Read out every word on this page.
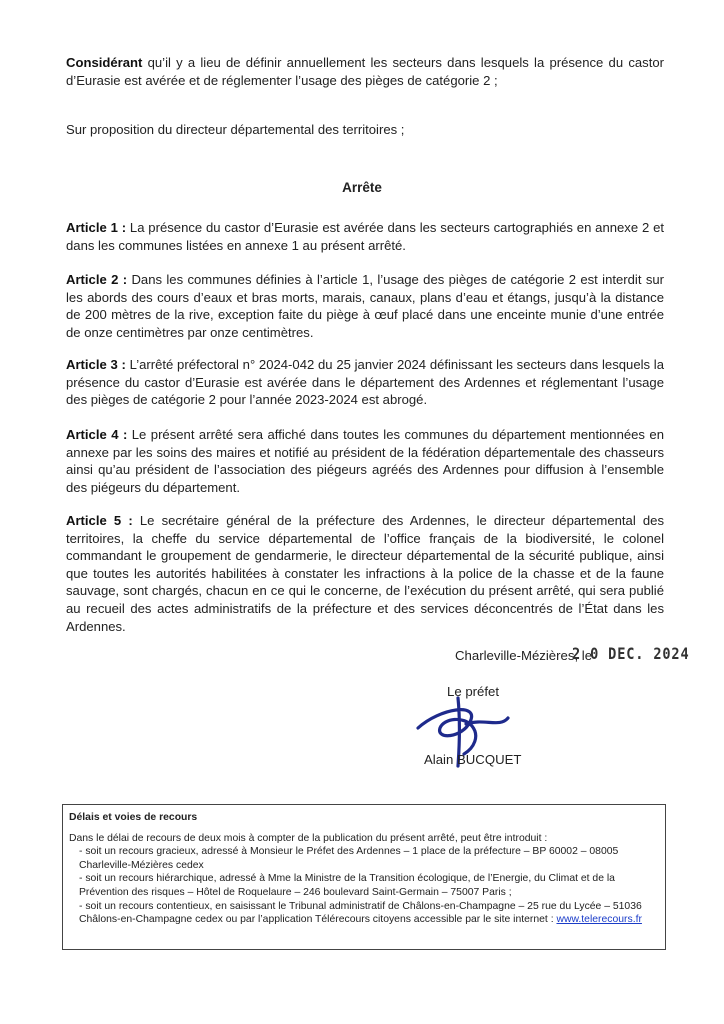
Considérant qu’il y a lieu de définir annuellement les secteurs dans lesquels la présence du castor d’Eurasie est avérée et de réglementer l’usage des pièges de catégorie 2 ;
Sur proposition du directeur départemental des territoires ;
Arrête
Article 1 : La présence du castor d’Eurasie est avérée dans les secteurs cartographiés en annexe 2 et dans les communes listées en annexe 1 au présent arrêté.
Article 2 : Dans les communes définies à l’article 1, l’usage des pièges de catégorie 2 est interdit sur les abords des cours d’eaux et bras morts, marais, canaux, plans d’eau et étangs, jusqu’à la distance de 200 mètres de la rive, exception faite du piège à œuf placé dans une enceinte munie d’une entrée de onze centimètres par onze centimètres.
Article 3 : L’arrêté préfectoral n° 2024-042 du 25 janvier 2024 définissant les secteurs dans lesquels la présence du castor d’Eurasie est avérée dans le département des Ardennes et réglementant l’usage des pièges de catégorie 2 pour l’année 2023-2024 est abrogé.
Article 4 : Le présent arrêté sera affiché dans toutes les communes du département mentionnées en annexe par les soins des maires et notifié au président de la fédération départementale des chasseurs ainsi qu’au président de l’association des piégeurs agréés des Ardennes pour diffusion à l’ensemble des piégeurs du département.
Article 5 : Le secrétaire général de la préfecture des Ardennes, le directeur départemental des territoires, la cheffe du service départemental de l’office français de la biodiversité, le colonel commandant le groupement de gendarmerie, le directeur départemental de la sécurité publique, ainsi que toutes les autorités habilitées à constater les infractions à la police de la chasse et de la faune sauvage, sont chargés, chacun en ce qui le concerne, de l’exécution du présent arrêté, qui sera publié au recueil des actes administratifs de la préfecture et des services déconcentrés de l’État dans les Ardennes.
Charleville-Mézières, le
2 0 DEC. 2024
Le préfet
Alain BUCQUET
Délais et voies de recours
Dans le délai de recours de deux mois à compter de la publication du présent arrêté, peut être introduit :
- soit un recours gracieux, adressé à Monsieur le Préfet des Ardennes – 1 place de la préfecture – BP 60002 – 08005 Charleville-Mézières cedex
- soit un recours hiérarchique, adressé à Mme la Ministre de la Transition écologique, de l’Energie, du Climat et de la Prévention des risques – Hôtel de Roquelaure – 246 boulevard Saint-Germain – 75007 Paris ;
- soit un recours contentieux, en saisissant le Tribunal administratif de Châlons-en-Champagne – 25 rue du Lycée – 51036 Châlons-en-Champagne cedex ou par l’application Télérecours citoyens accessible par le site internet : www.telerecours.fr
